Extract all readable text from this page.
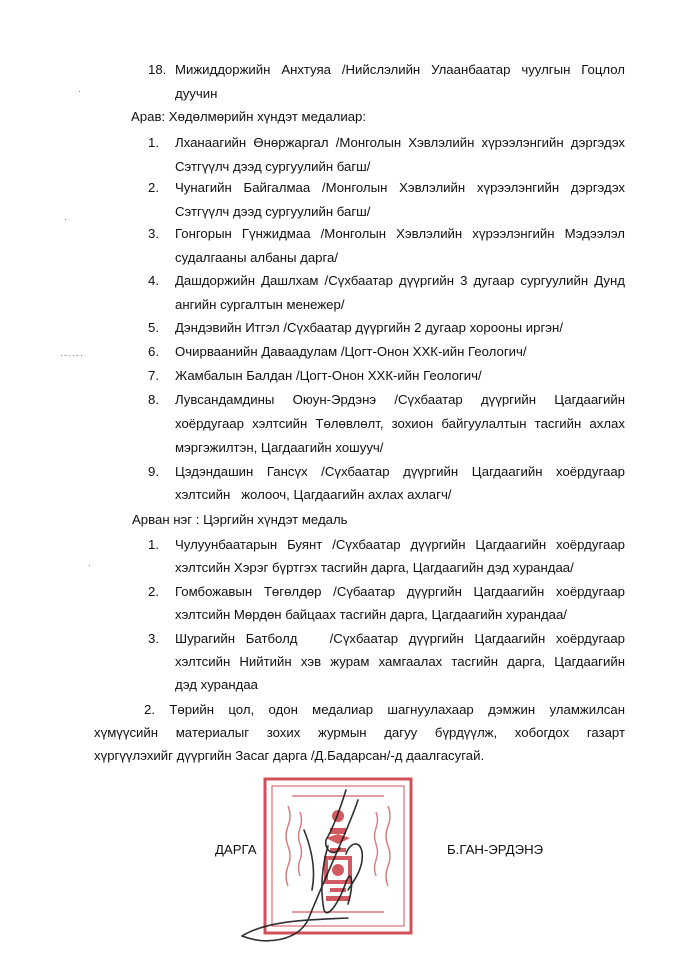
·
·
·-··-·
·
18. Мижиддоржийн Анхтуяа /Нийслэлийн Улаанбаатар чуулгын Гоцлол
дуучин
Арав: Хөдөлмөрийн хүндэт медалиар:
1. Лханаагийн Өнөржаргал /Монголын Хэвлэлийн хүрээлэнгийн дэргэдэх
Сэтгүүлч дээд сургуулийн багш/
2. Чунагийн Байгалмаа /Монголын Хэвлэлийн хүрээлэнгийн дэргэдэх
Сэтгүүлч дээд сургуулийн багш/
3. Гонгорын Гүнжидмаа /Монголын Хэвлэлийн хүрээлэнгийн Мэдээлэл
судалгааны албаны дарга/
4. Дашдоржийн Дашлхам /Сүхбаатар дүүргийн 3 дугаар сургуулийн Дунд
ангийн сургалтын менежер/
5. Дэндэвийн Итгэл /Сүхбаатар дүүргийн 2 дугаар хорооны иргэн/
6. Очирваанийн Даваадулам /Цогт-Онон ХХК-ийн Геологич/
7. Жамбалын Балдан /Цогт-Онон ХХК-ийн Геологич/
8. Лувсандамдины Оюун-Эрдэнэ /Сүхбаатар дүүргийн Цагдаагийн
хоёрдугаар хэлтсийн Төлөвлөлт, зохион байгуулалтын тасгийн ахлах
мэргэжилтэн, Цагдаагийн хошууч/
9. Цэдэндашин Гансүх /Сүхбаатар дүүргийн Цагдаагийн хоёрдугаар
хэлтсийн   жолооч, Цагдаагийн ахлах ахлагч/
Арван нэг : Цэргийн хүндэт медаль
1. Чулуунбаатарын Буянт /Сүхбаатар дүүргийн Цагдаагийн хоёрдугаар
хэлтсийн Хэрэг бүртгэх тасгийн дарга, Цагдаагийн дэд хурандаа/
2. Гомбожавын Төгөлдөр /Сүбаатар дүүргийн Цагдаагийн хоёрдугаар
хэлтсийн Мөрдөн байцаах тасгийн дарга, Цагдаагийн хурандаа/
3. Шурагийн Батболд   /Сүхбаатар дүүргийн Цагдаагийн хоёрдугаар
хэлтсийн Нийтийн хэв журам хамгаалах тасгийн дарга, Цагдаагийн
дэд хурандаа
2. Төрийн цол, одон медалиар шагнуулахаар дэмжин уламжилсан
хүмүүсийн материалыг зохих журмын дагуу бүрдүүлж, хобогдох газарт
хүргүүлэхийг дүүргийн Засаг дарга /Д.Бадарсан/-д даалгасугай.
ДАРГА	Б.ГАН-ЭРДЭНЭ
